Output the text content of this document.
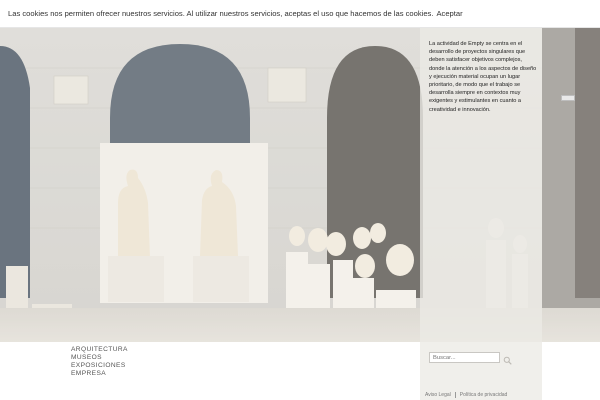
Las cookies nos permiten ofrecer nuestros servicios. Al utilizar nuestros servicios, aceptas el uso que hacemos de las cookies. Aceptar

La actividad de Empty se centra en el desarrollo de proyectos singulares que deben satisfacer objetivos complejos, donde la atención a los aspectos de diseño y ejecución material ocupan un lugar prioritario, de modo que el trabajo se desarrolla siempre en contextos muy exigentes y estimulantes en cuanto a creatividad e innovación.

Buscar...
ARQUITECTURA
MUSEOS
EXPOSICIONES
EMPRESA
Aviso Legal Política de privacidad
